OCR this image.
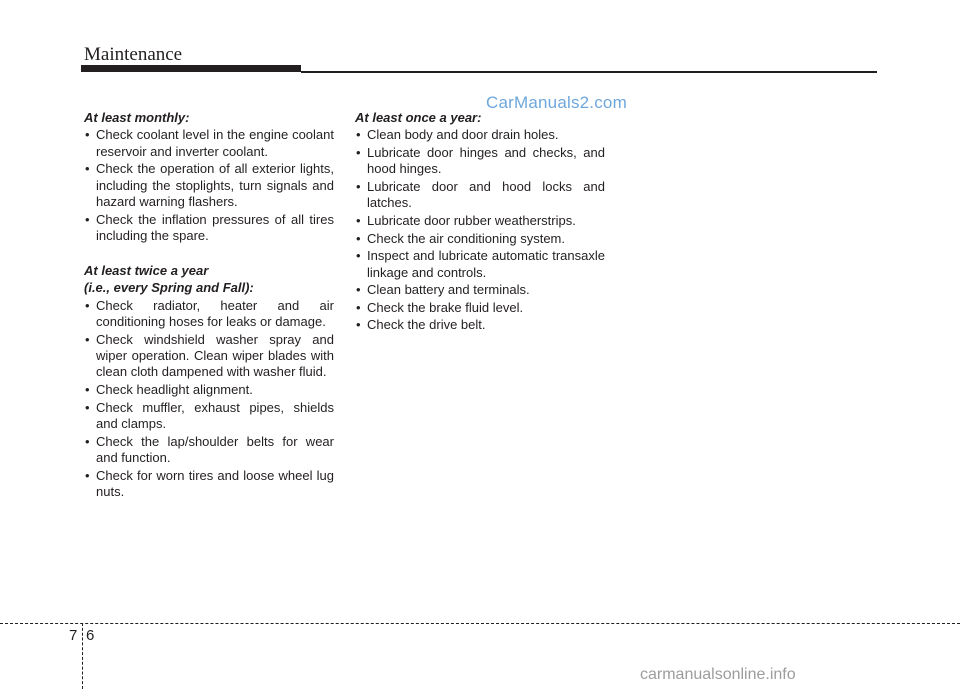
Maintenance
CarManuals2.com
At least monthly:
• Check coolant level in the engine coolant reservoir and inverter coolant.
• Check the operation of all exterior lights, including the stoplights, turn signals and hazard warning flashers.
• Check the inflation pressures of all tires including the spare.
At least twice a year
(i.e., every Spring and Fall):
• Check radiator, heater and air conditioning hoses for leaks or damage.
• Check windshield washer spray and wiper operation. Clean wiper blades with clean cloth dampened with washer fluid.
• Check headlight alignment.
• Check muffler, exhaust pipes, shields and clamps.
• Check the lap/shoulder belts for wear and function.
• Check for worn tires and loose wheel lug nuts.
At least once a year:
• Clean body and door drain holes.
• Lubricate door hinges and checks, and hood hinges.
• Lubricate door and hood locks and latches.
• Lubricate door rubber weatherstrips.
• Check the air conditioning system.
• Inspect and lubricate automatic transaxle linkage and controls.
• Clean battery and terminals.
• Check the brake fluid level.
• Check the drive belt.
7 6
carmanualsonline.info
